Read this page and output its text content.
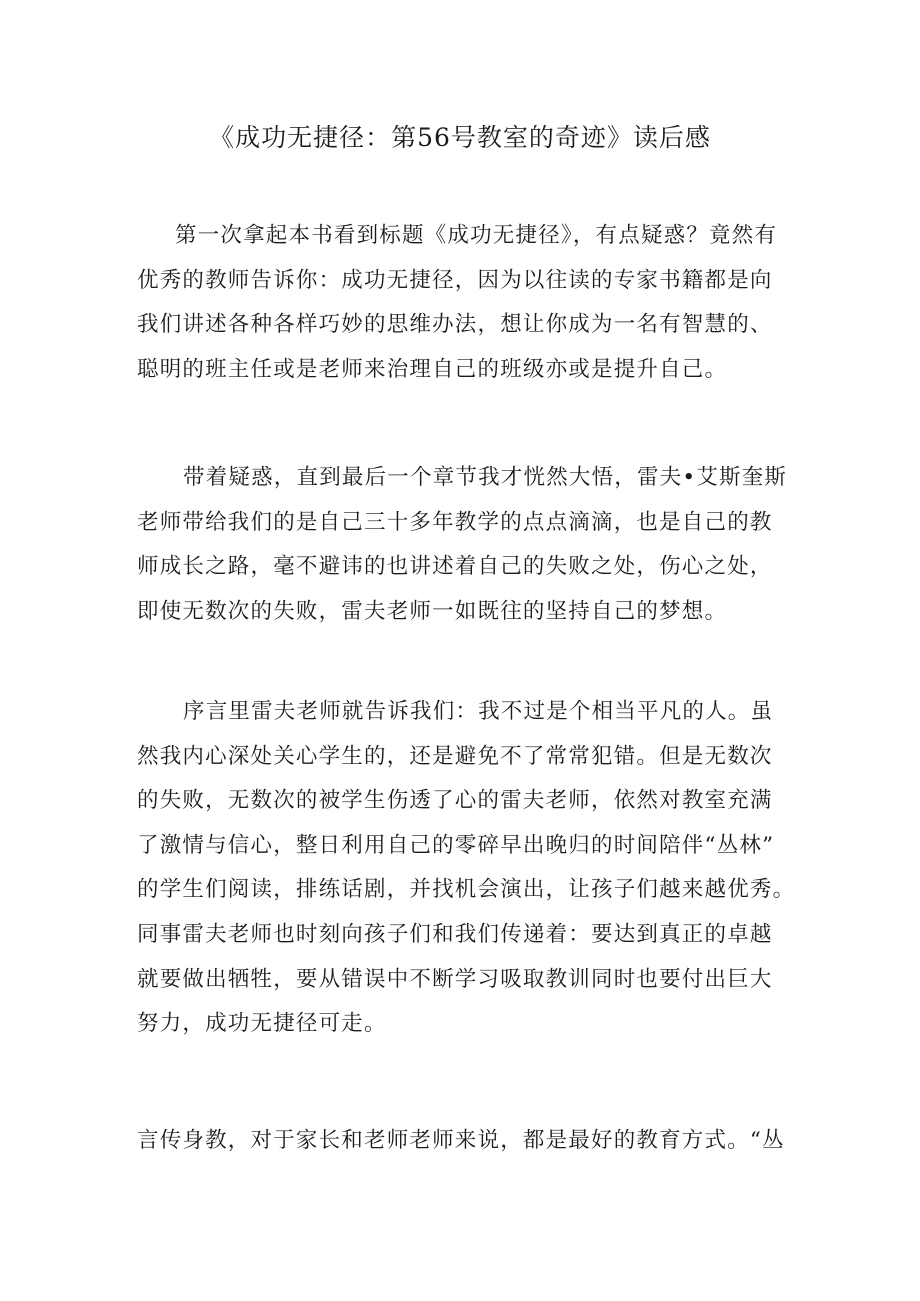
《成功无捷径：第56号教室的奇迹》读后感

第一次拿起本书看到标题《成功无捷径》，有点疑惑？竟然有
优秀的教师告诉你：成功无捷径，因为以往读的专家书籍都是向
我们讲述各种各样巧妙的思维办法，想让你成为一名有智慧的、
聪明的班主任或是老师来治理自己的班级亦或是提升自己。

带着疑惑，直到最后一个章节我才恍然大悟，雷夫•艾斯奎斯
老师带给我们的是自己三十多年教学的点点滴滴，也是自己的教
师成长之路，毫不避讳的也讲述着自己的失败之处，伤心之处，
即使无数次的失败，雷夫老师一如既往的坚持自己的梦想。

序言里雷夫老师就告诉我们：我不过是个相当平凡的人。虽
然我内心深处关心学生的，还是避免不了常常犯错。但是无数次
的失败，无数次的被学生伤透了心的雷夫老师，依然对教室充满
了激情与信心，整日利用自己的零碎早出晚归的时间陪伴“丛林”
的学生们阅读，排练话剧，并找机会演出，让孩子们越来越优秀。
同事雷夫老师也时刻向孩子们和我们传递着：要达到真正的卓越
就要做出牺牲，要从错误中不断学习吸取教训同时也要付出巨大
努力，成功无捷径可走。

言传身教，对于家长和老师老师来说，都是最好的教育方式。“丛
